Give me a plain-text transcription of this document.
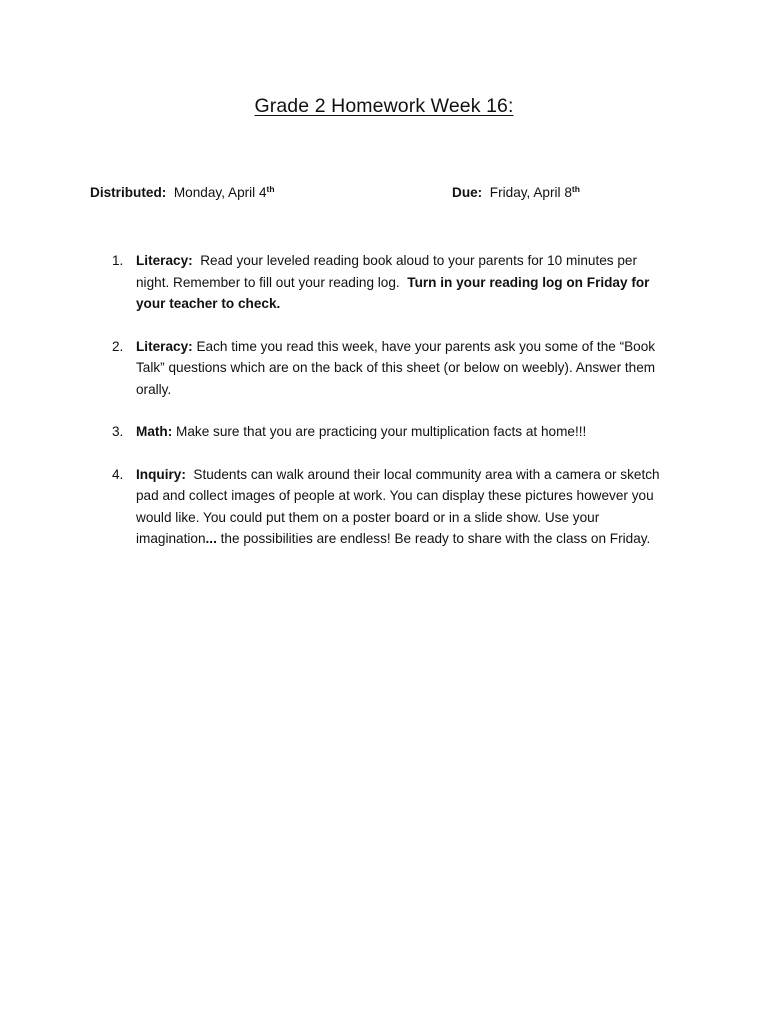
Grade 2 Homework Week 16:
Distributed: Monday, April 4th	Due: Friday, April 8th
1. Literacy: Read your leveled reading book aloud to your parents for 10 minutes per night. Remember to fill out your reading log. Turn in your reading log on Friday for your teacher to check.
2. Literacy: Each time you read this week, have your parents ask you some of the “Book Talk” questions which are on the back of this sheet (or below on weebly). Answer them orally.
3. Math: Make sure that you are practicing your multiplication facts at home!!!
4. Inquiry: Students can walk around their local community area with a camera or sketch pad and collect images of people at work. You can display these pictures however you would like. You could put them on a poster board or in a slide show. Use your imagination... the possibilities are endless! Be ready to share with the class on Friday.
